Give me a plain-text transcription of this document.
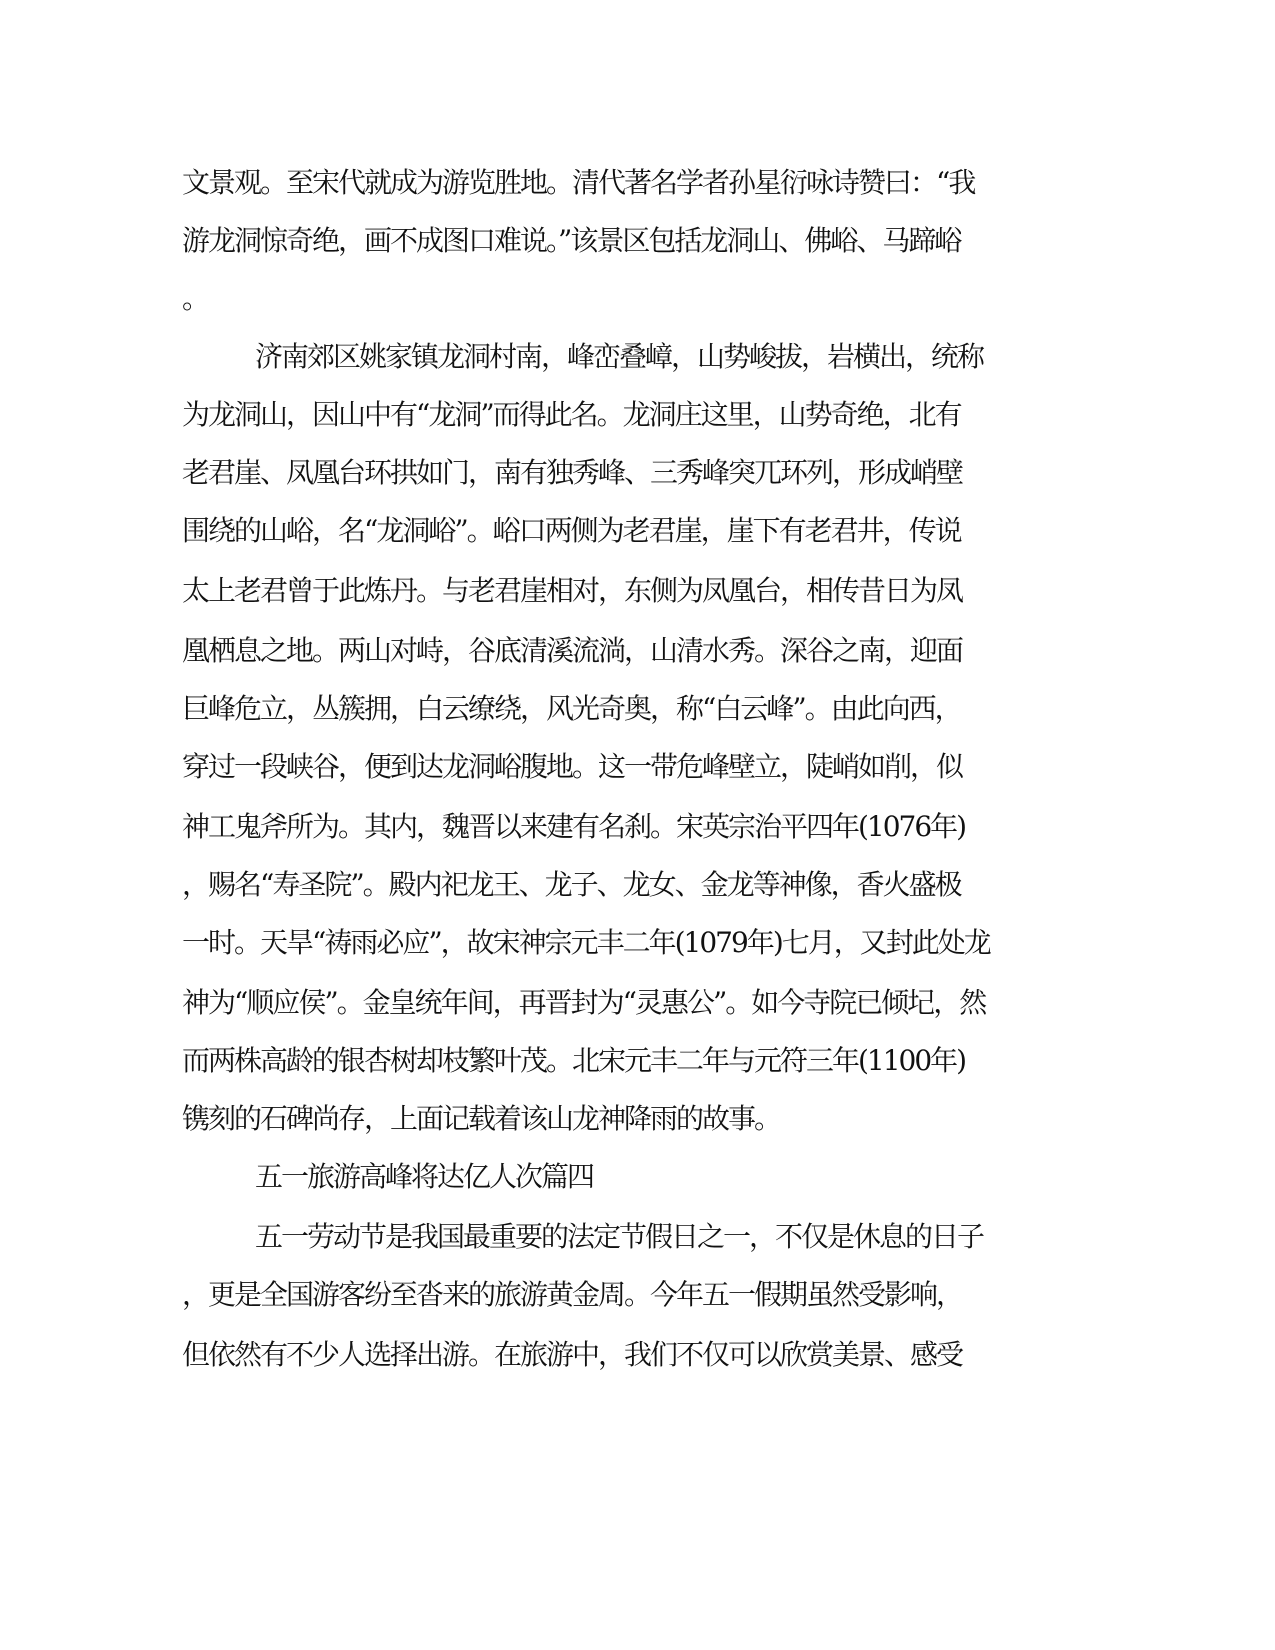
文景观。至宋代就成为游览胜地。清代著名学者孙星衍咏诗赞曰：“我

游龙洞惊奇绝，画不成图口难说。”该景区包括龙洞山、佛峪、马蹄峪

。

济南郊区姚家镇龙洞村南，峰峦叠嶂，山势峻拔，岩横出，统称

为龙洞山，因山中有“龙洞”而得此名。龙洞庄这里，山势奇绝，北有

老君崖、凤凰台环拱如门，南有独秀峰、三秀峰突兀环列，形成峭壁

围绕的山峪，名“龙洞峪”。峪口两侧为老君崖，崖下有老君井，传说

太上老君曾于此炼丹。与老君崖相对，东侧为凤凰台，相传昔日为凤

凰栖息之地。两山对峙，谷底清溪流淌，山清水秀。深谷之南，迎面

巨峰危立，丛簇拥，白云缭绕，风光奇奥，称“白云峰”。由此向西，

穿过一段峡谷，便到达龙洞峪腹地。这一带危峰壁立，陡峭如削，似

神工鬼斧所为。其内，魏晋以来建有名刹。宋英宗治平四年(1076年)

，赐名“寿圣院”。殿内祀龙王、龙子、龙女、金龙等神像，香火盛极

一时。天旱“祷雨必应”，故宋神宗元丰二年(1079年)七月，又封此处龙

神为“顺应侯”。金皇统年间，再晋封为“灵惠公”。如今寺院已倾圮，然

而两株高龄的银杏树却枝繁叶茂。北宋元丰二年与元符三年(1100年)

镌刻的石碑尚存，上面记载着该山龙神降雨的故事。

五一旅游高峰将达亿人次篇四

五一劳动节是我国最重要的法定节假日之一，不仅是休息的日子

，更是全国游客纷至沓来的旅游黄金周。今年五一假期虽然受影响，

但依然有不少人选择出游。在旅游中，我们不仅可以欣赏美景、感受
